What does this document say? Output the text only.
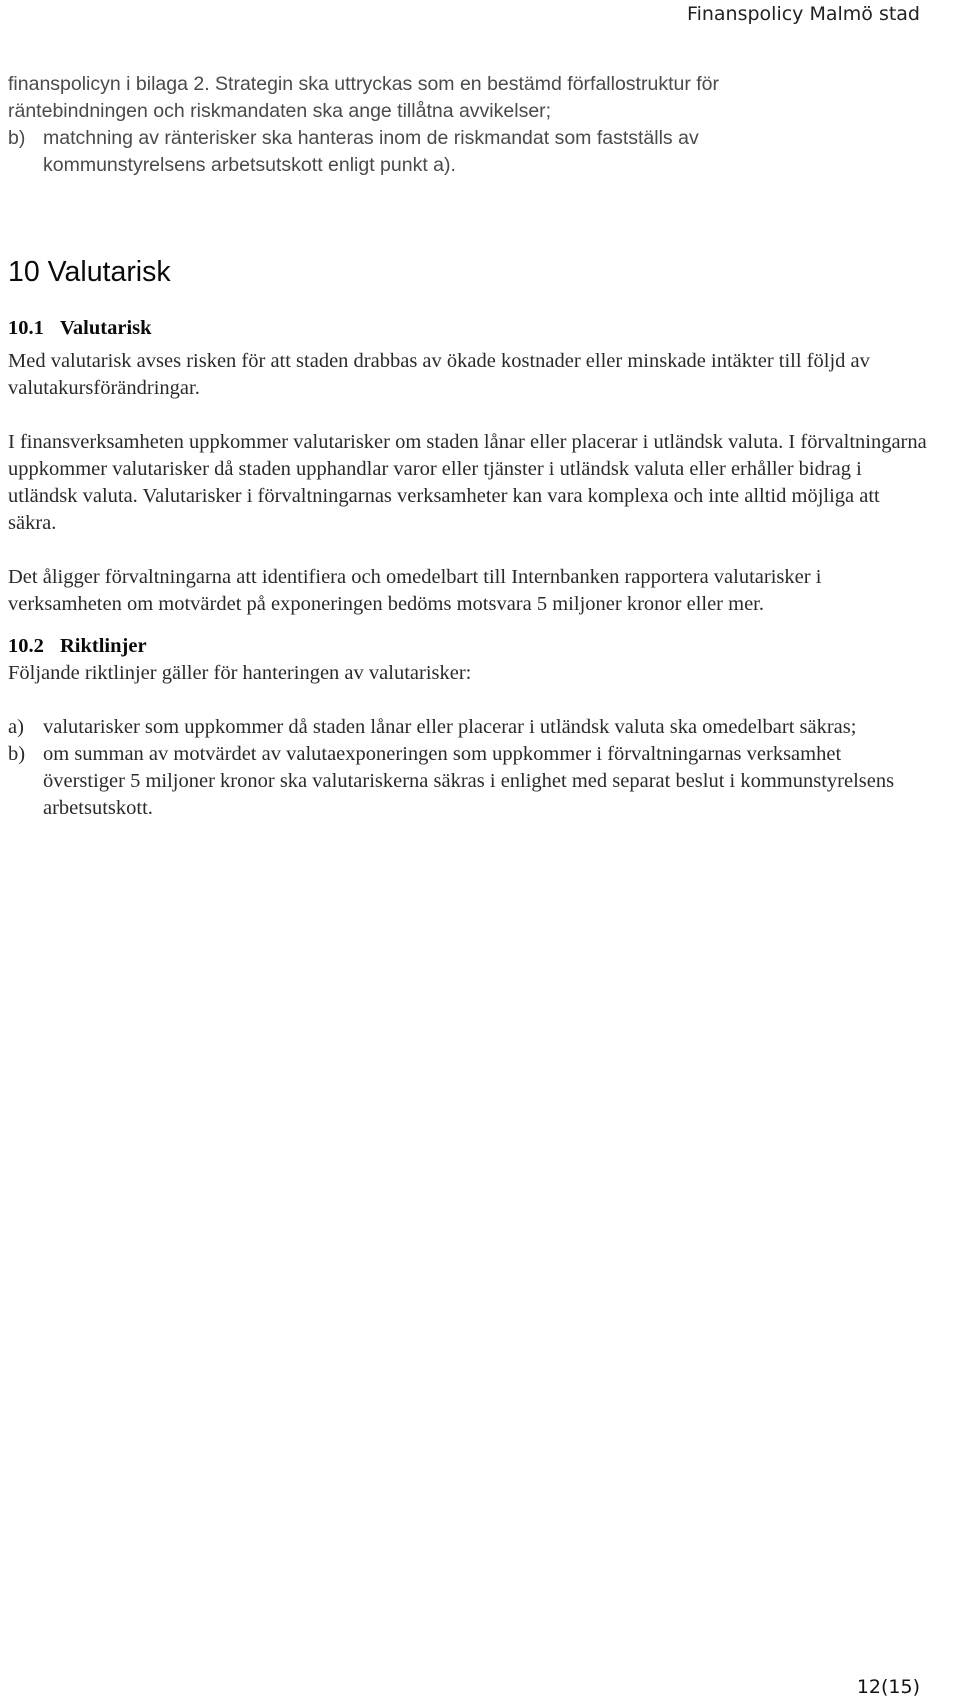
Finanspolicy Malmö stad
finanspolicyn i bilaga 2. Strategin ska uttryckas som en bestämd förfallostruktur för
räntebindningen och riskmandaten ska ange tillåtna avvikelser;
b) matchning av ränterisker ska hanteras inom de riskmandat som fastställs av
kommunstyrelsens arbetsutskott enligt punkt a).
10 Valutarisk
10.1 Valutarisk

Med valutarisk avses risken för att staden drabbas av ökade kostnader eller minskade intäkter till följd av valutakursförändringar.

I finansverksamheten uppkommer valutarisker om staden lånar eller placerar i utländsk valuta. I förvaltningarna uppkommer valutarisker då staden upphandlar varor eller tjänster i utländsk valuta eller erhåller bidrag i utländsk valuta. Valutarisker i förvaltningarnas verksamheter kan vara komplexa och inte alltid möjliga att säkra.

Det åligger förvaltningarna att identifiera och omedelbart till Internbanken rapportera valutarisker i verksamheten om motvärdet på exponeringen bedöms motsvara 5 miljoner kronor eller mer.

10.2 Riktlinjer

Följande riktlinjer gäller för hanteringen av valutarisker:

a) valutarisker som uppkommer då staden lånar eller placerar i utländsk valuta ska omedelbart säkras;
b) om summan av motvärdet av valutaexponeringen som uppkommer i förvaltningarnas verksamhet överstiger 5 miljoner kronor ska valutariskerna säkras i enlighet med separat beslut i kommunstyrelsens arbetsutskott.
12(15)
